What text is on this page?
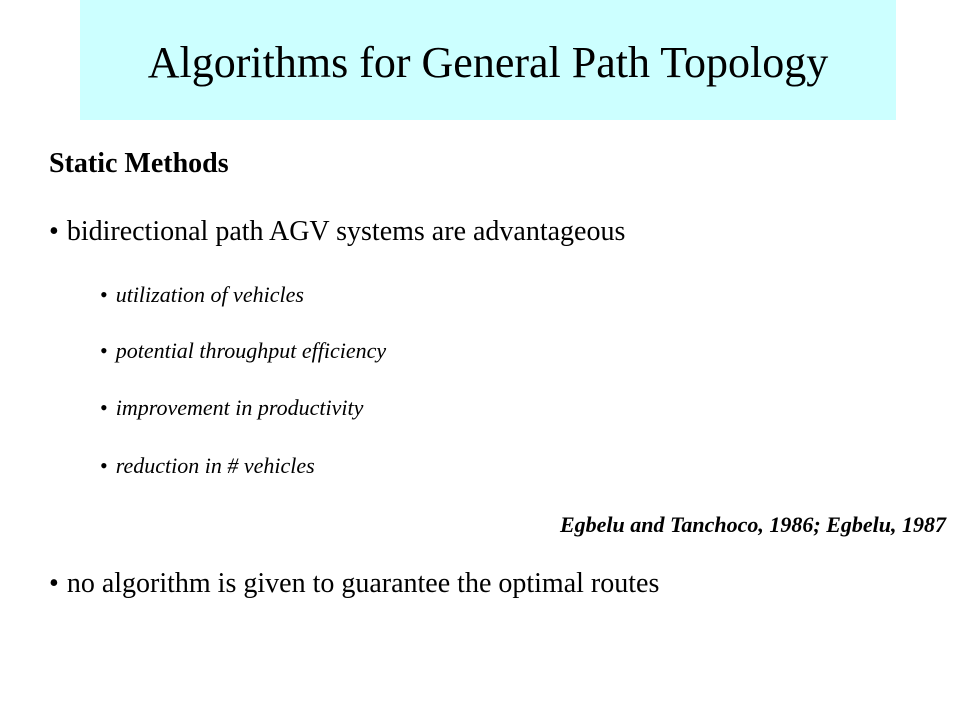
Algorithms for General Path Topology
Static Methods
• bidirectional path AGV systems are advantageous
• utilization of vehicles
• potential throughput efficiency
• improvement in productivity
• reduction in # vehicles
Egbelu and Tanchoco, 1986; Egbelu, 1987
• no algorithm is given to guarantee the optimal routes
